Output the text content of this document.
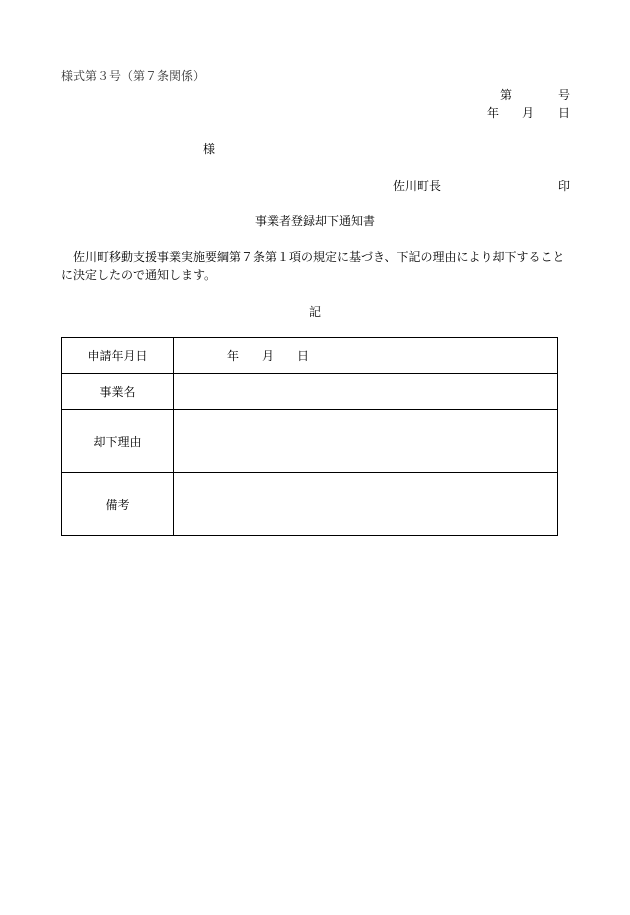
様式第３号（第７条関係）
第	号
年 月 日
様
佐川町長	印
事業者登録却下通知書
佐川町移動支援事業実施要綱第７条第１項の規定に基づき、下記の理由により却下することに決定したので通知します。
記
申請年月日	年 月 日
事業名	
却下理由	
備考	
